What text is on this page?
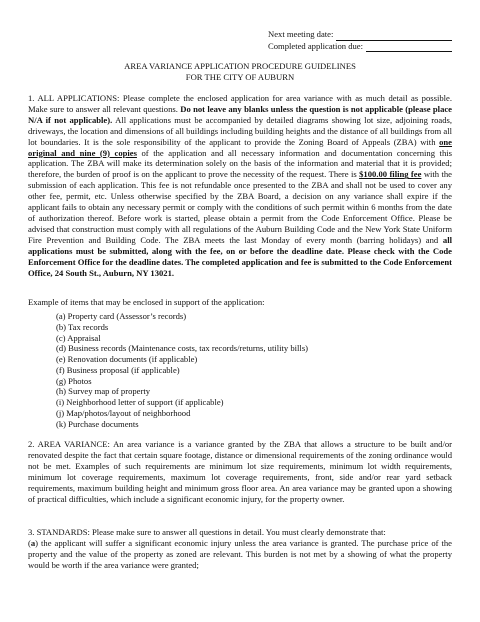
Next meeting date:
Completed application due:
AREA VARIANCE APPLICATION PROCEDURE GUIDELINES
FOR THE CITY OF AUBURN

1. ALL APPLICATIONS: Please complete the enclosed application for area variance with as much detail as possible. Make sure to answer all relevant questions. Do not leave any blanks unless the question is not applicable (please place N/A if not applicable). All applications must be accompanied by detailed diagrams showing lot size, adjoining roads, driveways, the location and dimensions of all buildings including building heights and the distance of all buildings from all lot boundaries. It is the sole responsibility of the applicant to provide the Zoning Board of Appeals (ZBA) with one original and nine (9) copies of the application and all necessary information and documentation concerning this application. The ZBA will make its determination solely on the basis of the information and material that it is provided; therefore, the burden of proof is on the applicant to prove the necessity of the request. There is $100.00 filing fee with the submission of each application. This fee is not refundable once presented to the ZBA and shall not be used to cover any other fee, permit, etc. Unless otherwise specified by the ZBA Board, a decision on any variance shall expire if the applicant fails to obtain any necessary permit or comply with the conditions of such permit within 6 months from the date of authorization thereof. Before work is started, please obtain a permit from the Code Enforcement Office. Please be advised that construction must comply with all regulations of the Auburn Building Code and the New York State Uniform Fire Prevention and Building Code. The ZBA meets the last Monday of every month (barring holidays) and all applications must be submitted, along with the fee, on or before the deadline date. Please check with the Code Enforcement Office for the deadline dates. The completed application and fee is submitted to the Code Enforcement Office, 24 South St., Auburn, NY 13021.

Example of items that may be enclosed in support of the application:

(a) Property card (Assessor’s records)
(b) Tax records
(c) Appraisal
(d) Business records (Maintenance costs, tax records/returns, utility bills)
(e) Renovation documents (if applicable)
(f) Business proposal (if applicable)
(g) Photos
(h) Survey map of property
(i) Neighborhood letter of support (if applicable)
(j) Map/photos/layout of neighborhood
(k) Purchase documents

2. AREA VARIANCE: An area variance is a variance granted by the ZBA that allows a structure to be built and/or renovated despite the fact that certain square footage, distance or dimensional requirements of the zoning ordinance would not be met. Examples of such requirements are minimum lot size requirements, minimum lot width requirements, minimum lot coverage requirements, maximum lot coverage requirements, front, side and/or rear yard setback requirements, maximum building height and minimum gross floor area. An area variance may be granted upon a showing of practical difficulties, which include a significant economic injury, for the property owner.

3. STANDARDS: Please make sure to answer all questions in detail. You must clearly demonstrate that:

(a) the applicant will suffer a significant economic injury unless the area variance is granted. The purchase price of the property and the value of the property as zoned are relevant. This burden is not met by a showing of what the property would be worth if the area variance were granted;
